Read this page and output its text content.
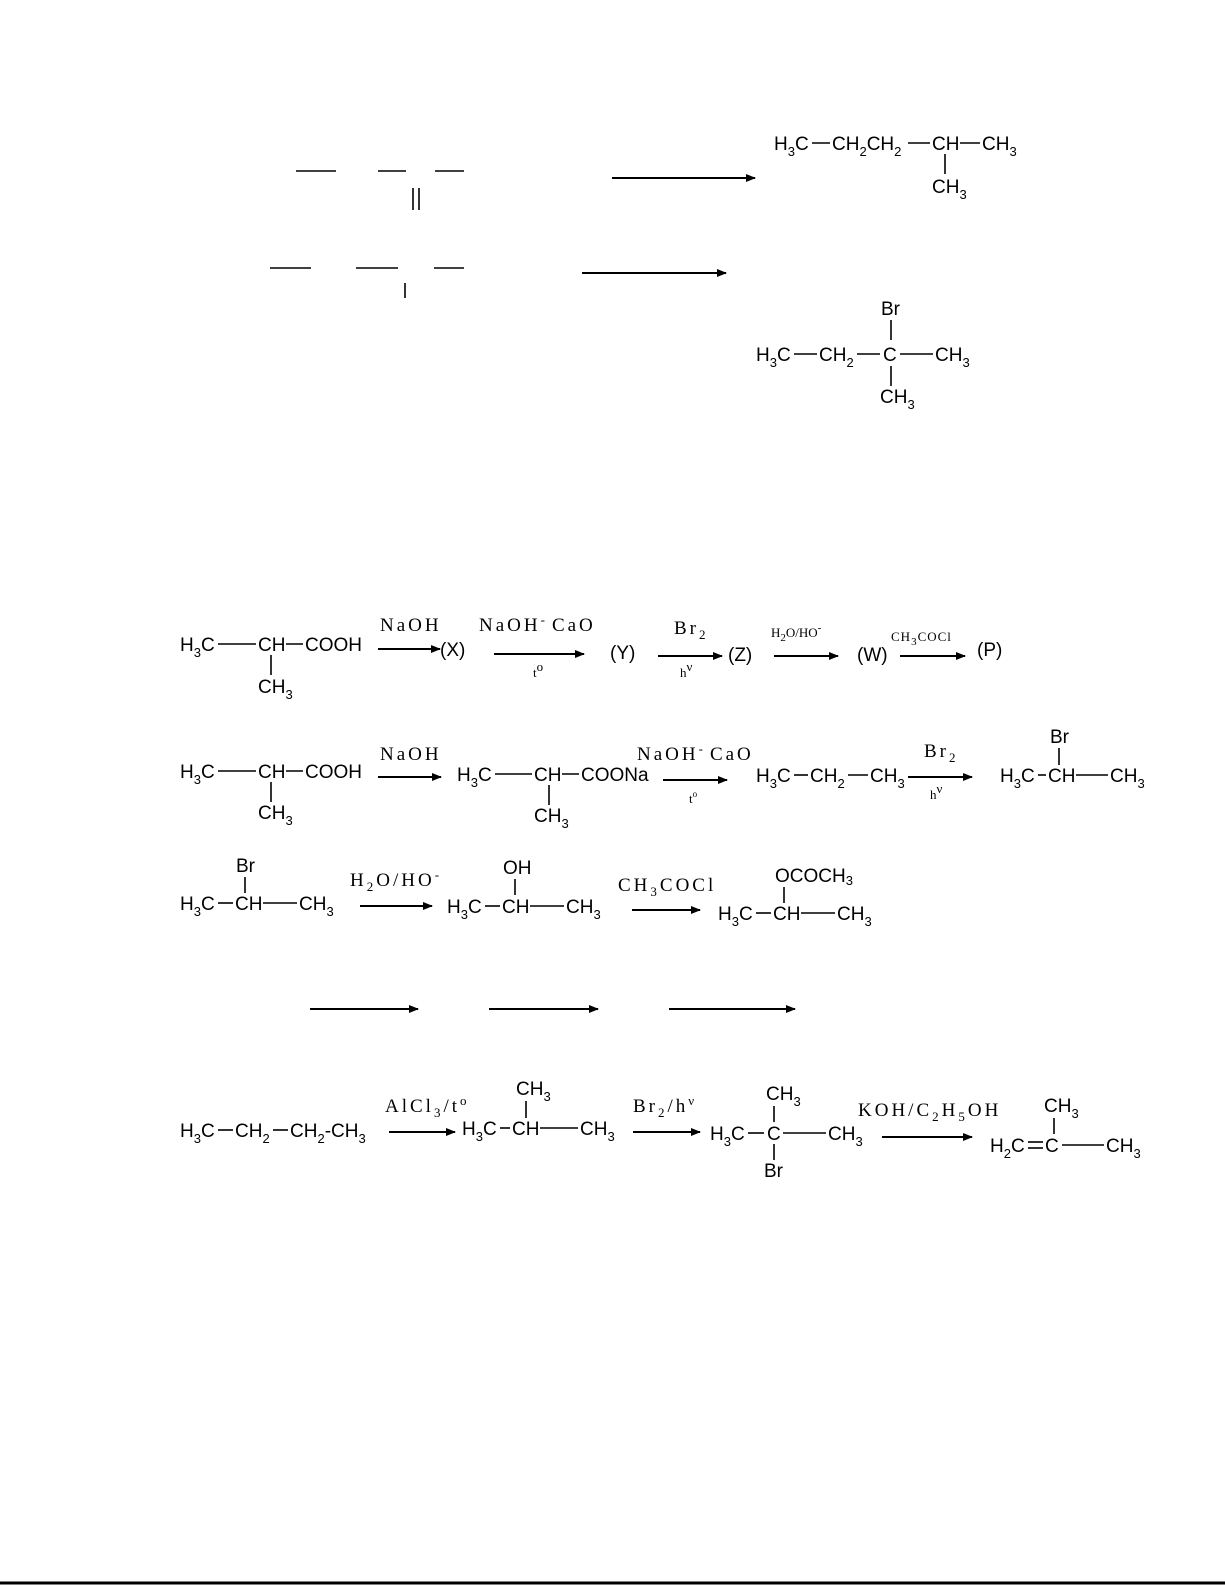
$H_3C$ $CH_2CH_2$ CH $CH_3$
$CH_3$
Br
$H_3C$ $CH_2$ C $CH_3$
$CH_3$
$H_3C$ CH COOH
$CH_3$
NaOH
(X)
NaOH- CaO
to
(Y)
$Br_2$
hν
(Z)
$H_2O/HO^-$
(W)
$CH_3COCl$
(P)
$H_3C$ CH COOH
$CH_3$
NaOH
$H_3C$ CH COONa
$CH_3$
NaOH- CaO
$t^o$
$H_3C$ $CH_2$ $CH_3$
$Br_2$
hν
Br
$H_3C$ CH $CH_3$
Br
$H_3C$ CH $CH_3$
$H_2O/HO^-$	OH
$H_3C$ CH $CH_3$
$CH_3COCl$	OCOCH3
$H_3C$ CH $CH_3$
$H_3C$ $CH_2$ $CH_2-CH_3$
$AlCl_3/t^o$
$CH_3$
$H_3C$ CH $CH_3$
$Br_2/h^\nu$	$CH_3$
$H_3C$ C $CH_3$
Br
KOH/$C_2H_5OH$ $CH_3$
$H_2C$ C $CH_3$
